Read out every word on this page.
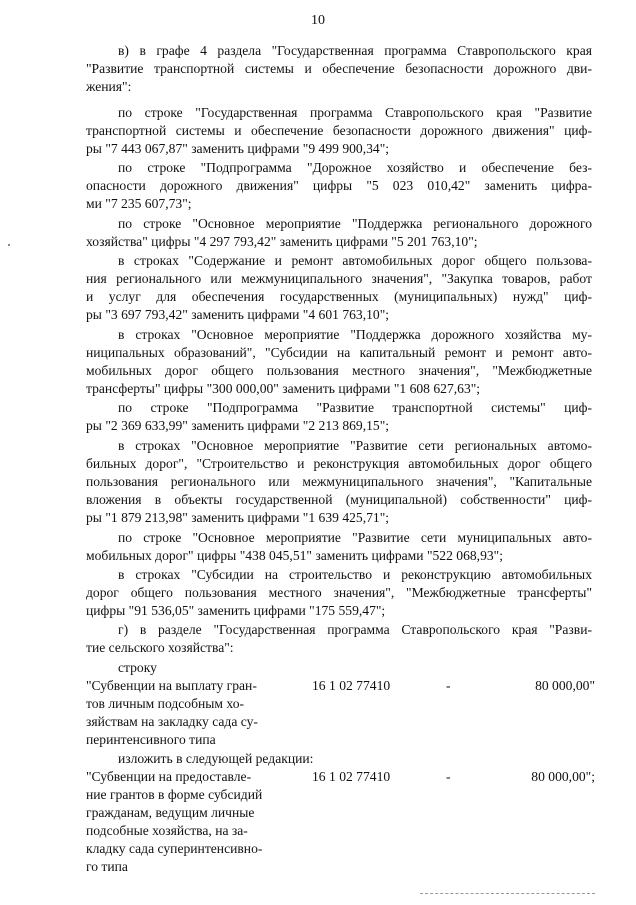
10
в) в графе 4 раздела "Государственная программа Ставропольского края
"Развитие транспортной системы и обеспечение безопасности дорожного дви-
жения":
по строке "Государственная программа Ставропольского края "Развитие
транспортной системы и обеспечение безопасности дорожного движения" циф-
ры "7 443 067,87" заменить цифрами "9 499 900,34";
по строке "Подпрограмма "Дорожное хозяйство и обеспечение без-
опасности дорожного движения" цифры "5 023 010,42" заменить цифра-
ми "7 235 607,73";
по строке "Основное мероприятие "Поддержка регионального дорожного
хозяйства" цифры "4 297 793,42" заменить цифрами "5 201 763,10";
в строках "Содержание и ремонт автомобильных дорог общего пользова-
ния регионального или межмуниципального значения", "Закупка товаров, работ
и услуг для обеспечения государственных (муниципальных) нужд" циф-
ры "3 697 793,42" заменить цифрами "4 601 763,10";
в строках "Основное мероприятие "Поддержка дорожного хозяйства му-
ниципальных образований", "Субсидии на капитальный ремонт и ремонт авто-
мобильных дорог общего пользования местного значения", "Межбюджетные
трансферты" цифры "300 000,00" заменить цифрами "1 608 627,63";
по строке "Подпрограмма "Развитие транспортной системы" циф-
ры "2 369 633,99" заменить цифрами "2 213 869,15";
в строках "Основное мероприятие "Развитие сети региональных автомо-
бильных дорог", "Строительство и реконструкция автомобильных дорог общего
пользования регионального или межмуниципального значения", "Капитальные
вложения в объекты государственной (муниципальной) собственности" циф-
ры "1 879 213,98" заменить цифрами "1 639 425,71";
по строке "Основное мероприятие "Развитие сети муниципальных авто-
мобильных дорог" цифры "438 045,51" заменить цифрами "522 068,93";
в строках "Субсидии на строительство и реконструкцию автомобильных
дорог общего пользования местного значения", "Межбюджетные трансферты"
цифры "91 536,05" заменить цифрами "175 559,47";
г) в разделе "Государственная программа Ставропольского края "Разви-
тие сельского хозяйства":
строку
"Субвенции на выплату гран-
тов личным подсобным хо-
зяйствам на закладку сада су-
перинтенсивного типа
16 1 02 77410	-	80 000,00"
изложить в следующей редакции:
"Субвенции на предоставле-
ние грантов в форме субсидий
гражданам, ведущим личные
подсобные хозяйства, на за-
кладку сада суперинтенсивно-
го типа
16 1 02 77410	-	80 000,00";
